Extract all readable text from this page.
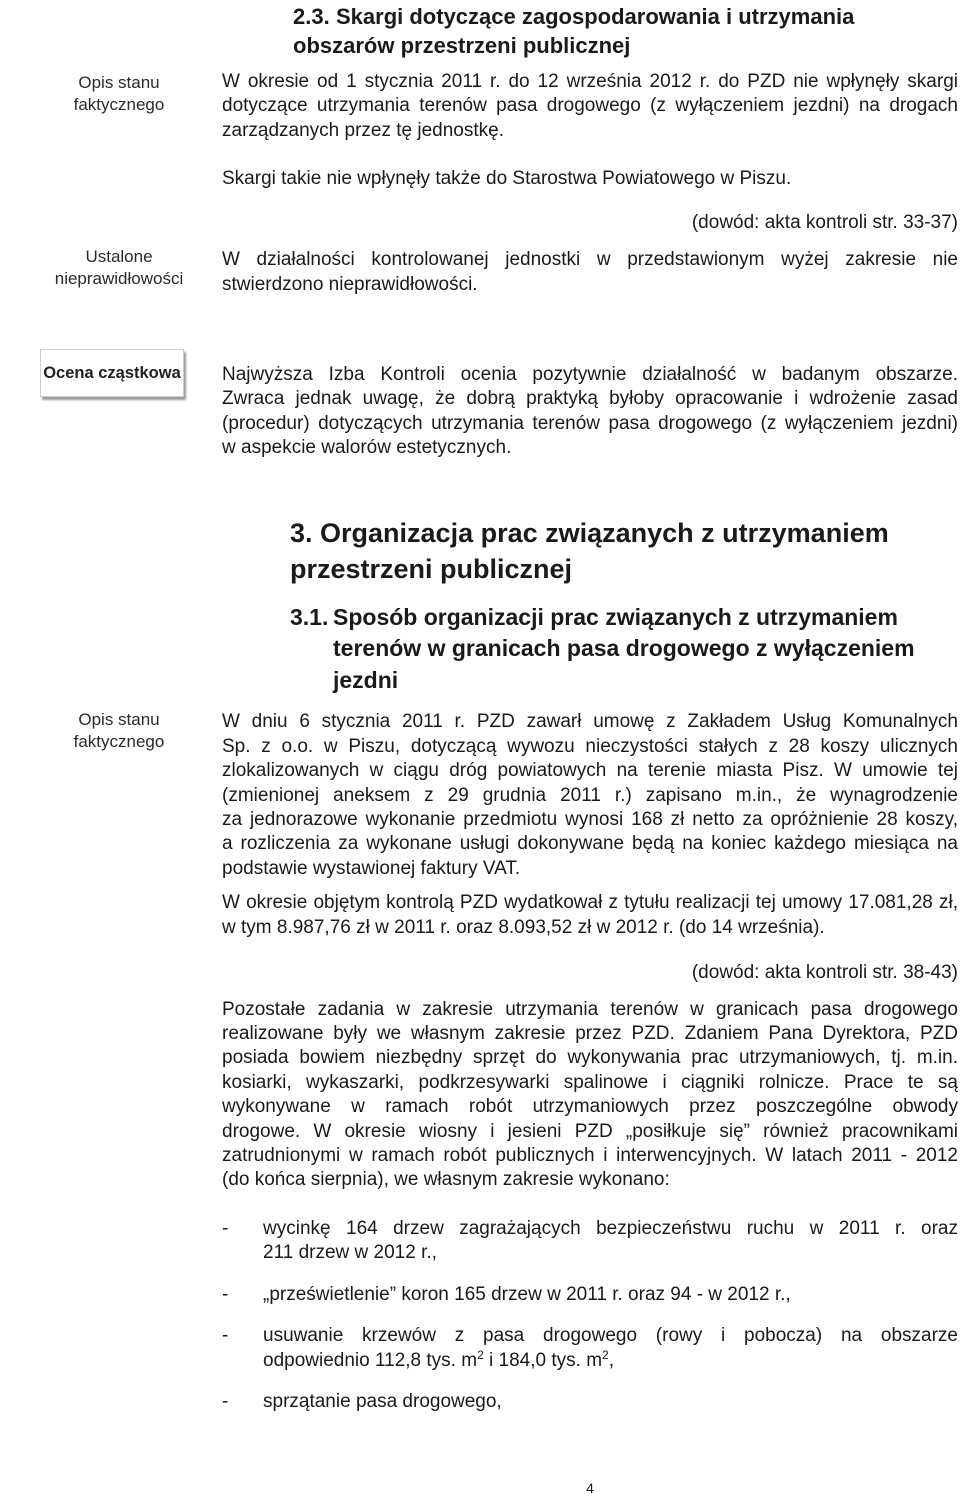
2.3. Skargi dotyczące zagospodarowania i utrzymania
obszarów przestrzeni publicznej
Opis stanu
faktycznego
Ustalone
nieprawidłowości
W okresie od 1 stycznia 2011 r. do 12 września 2012 r. do PZD nie wpłynęły skargi
dotyczące utrzymania terenów pasa drogowego (z wyłączeniem jezdni) na drogach
zarządzanych przez tę jednostkę.
Skargi takie nie wpłynęły także do Starostwa Powiatowego w Piszu.
(dowód: akta kontroli str. 33-37)
W działalności kontrolowanej jednostki w przedstawionym wyżej zakresie nie
stwierdzono nieprawidłowości.
Ocena cząstkowa Najwyższa Izba Kontroli ocenia pozytywnie działalność w badanym obszarze.
Zwraca jednak uwagę, że dobrą praktyką byłoby opracowanie i wdrożenie zasad
(procedur) dotyczących utrzymania terenów pasa drogowego (z wyłączeniem jezdni)
w aspekcie walorów estetycznych.
3. Organizacja prac związanych z utrzymaniem
przestrzeni publicznej
3.1. Sposób organizacji prac związanych z utrzymaniem
terenów w granicach pasa drogowego z wyłączeniem
jezdni
Opis stanu
faktycznego
W dniu 6 stycznia 2011 r. PZD zawarł umowę z Zakładem Usług Komunalnych
Sp. z o.o. w Piszu, dotyczącą wywozu nieczystości stałych z 28 koszy ulicznych
zlokalizowanych w ciągu dróg powiatowych na terenie miasta Pisz. W umowie tej
(zmienionej aneksem z 29 grudnia 2011 r.) zapisano m.in., że wynagrodzenie
za jednorazowe wykonanie przedmiotu wynosi 168 zł netto za opróżnienie 28 koszy,
a rozliczenia za wykonane usługi dokonywane będą na koniec każdego miesiąca na
podstawie wystawionej faktury VAT.
W okresie objętym kontrolą PZD wydatkował z tytułu realizacji tej umowy 17.081,28 zł,
w tym 8.987,76 zł w 2011 r. oraz 8.093,52 zł w 2012 r. (do 14 września).
(dowód: akta kontroli str. 38-43)
Pozostałe zadania w zakresie utrzymania terenów w granicach pasa drogowego
realizowane były we własnym zakresie przez PZD. Zdaniem Pana Dyrektora, PZD
posiada bowiem niezbędny sprzęt do wykonywania prac utrzymaniowych, tj. m.in.
kosiarki, wykaszarki, podkrzesywarki spalinowe i ciągniki rolnicze. Prace te są
wykonywane w ramach robót utrzymaniowych przez poszczególne obwody
drogowe. W okresie wiosny i jesieni PZD „posiłkuje się” również pracownikami
zatrudnionymi w ramach robót publicznych i interwencyjnych. W latach 2011 - 2012
(do końca sierpnia), we własnym zakresie wykonano:
-	wycinkę 164 drzew zagrażających bezpieczeństwu ruchu w 2011 r. oraz
211 drzew w 2012 r.,
-	„prześwietlenie” koron 165 drzew w 2011 r. oraz 94 - w 2012 r.,
-	usuwanie krzewów z pasa drogowego (rowy i pobocza) na obszarze
odpowiednio 112,8 tys. $m^2$ i 184,0 tys. $m^2$,
-	sprzątanie pasa drogowego,
4
